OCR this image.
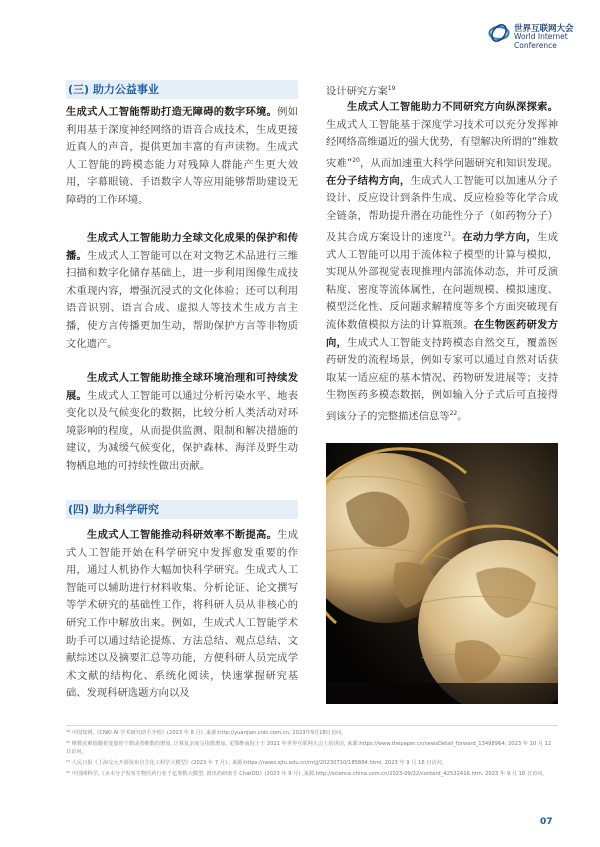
世界互联网大会
World Internet
Conference
(三) 助力公益事业
生成式人工智能帮助打造无障碍的数字环境。例如利用基于深度神经网络的语音合成技术，生成更接近真人的声音，提供更加丰富的有声读物。生成式人工智能的跨模态能力对残障人群能产生更大效用，字幕眼镜、手语数字人等应用能够帮助建设无障碍的工作环境。
生成式人工智能助力全球文化成果的保护和传播。生成式人工智能可以在对文物艺术品进行三维扫描和数字化储存基础上，进一步利用图像生成技术重现内容，增强沉浸式的文化体验；还可以利用语音识别、语言合成、虚拟人等技术生成方言主播，使方言传播更加生动，帮助保护方言等非物质文化遗产。
生成式人工智能助推全球环境治理和可持续发展。生成式人工智能可以通过分析污染水平、地表变化以及气候变化的数据，比较分析人类活动对环境影响的程度，从而提供监测、限制和解决措施的建议，为减缓气候变化，保护森林、海洋及野生动物栖息地的可持续性做出贡献。
(四) 助力科学研究
生成式人工智能推动科研效率不断提高。生成式人工智能开始在科学研究中发挥愈发重要的作用，通过人机协作大幅加快科学研究。生成式人工智能可以辅助进行材料收集、分析论证、论文撰写等学术研究的基础性工作，将科研人员从非核心的研究工作中解放出来。例如，生成式人工智能学术助手可以通过结论提炼、方法总结、观点总结、文献综述以及摘要汇总等功能，方便科研人员完成学术文献的结构化、系统化阅读，快速掌握研究基础、发现科研选题方向以及
设计研究方案$^{19}$
生成式人工智能助力不同研究方向纵深探索。生成式人工智能基于深度学习技术可以充分发挥神经网络高维逼近的强大优势，有望解决所谓的“维数灾难”$^{20}$，从而加速重大科学问题研究和知识发现。在分子结构方向，生成式人工智能可以加速从分子设计、反应设计到条件生成、反应检验等化学合成全链条，帮助提升潜在功能性分子（如药物分子）及其合成方案设计的速度$^{21}$。在动力学方向，生成式人工智能可以用于流体粒子模型的计算与模拟，实现从外部视觉表现推理内部流体动态，并可反演粘度、密度等流体属性，在问题规模、模拟速度、模型泛化性、反问题求解精度等多个方面突破现有流体数值模拟方法的计算瓶颈。在生物医药研发方向，生成式人工智能支持跨模态自然交互，覆盖医药研发的流程场景，例如专家可以通过自然对话获取某一适应症的基本情况、药物研发进展等；支持生物医药多模态数据，例如输入分子式后可直接得到该分子的完整描述信息等$^{22}$。
¹⁹ 中国知网,《CNKI AI 学术研究助手介绍》(2023 年 8 月) ,来源:http://yuanjian.cnki.com.cn, 2023年9月18日访问。
²⁰ 维数灾难指随着变量的个数或者维数的增加, 计算复杂度呈指数增加, 见鄂维南院士于 2021 年世界互联网大会上的讲话, 来源:https://www.thepaper.cn/newsDetail_forward_13498964, 2023 年 10 月 12 日访问。
²¹ 人民日报《上海交大开源发布自主化工科学大模型》(2023 年 7 月) , 来源:https://news.sjtu.edu.cn/mtjj/20230710/185884.html, 2023 年 9 月 16 日访问。
²² 中国网科学,《水木分子发布生物医药行业千亿参数大模型, 推出药研助手 ChatDD》(2023 年 9 月) ,来源:http://science.china.com.cn/2023-09/22/content_42532416.htm, 2023 年 9 月 18 日访问。
07
